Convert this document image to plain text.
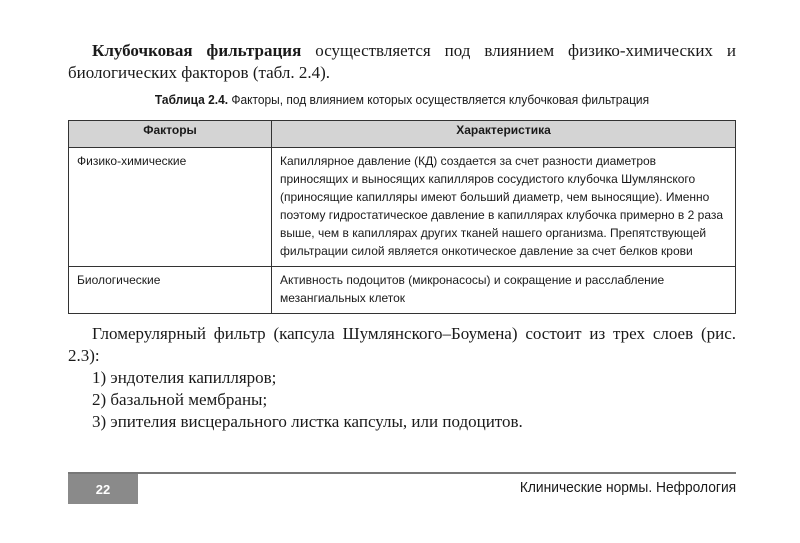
Клубочковая фильтрация осуществляется под влиянием физико-химических и биологических факторов (табл. 2.4).
Таблица 2.4. Факторы, под влиянием которых осуществляется клубочковая фильтрация
Факторы	Характеристика
Физико-химические	Капиллярное давление (КД) создается за счет разности диаметров приносящих и выносящих капилляров сосудистого клубочка Шумлянского (приносящие капилляры имеют больший диаметр, чем выносящие). Именно поэтому гидростатическое давление в капиллярах клубочка примерно в 2 раза выше, чем в капиллярах других тканей нашего организма. Препятствующей фильтрации силой является онкотическое давление за счет белков крови
Биологические	Активность подоцитов (микронасосы) и сокращение и расслабление мезангиальных клеток
Гломерулярный фильтр (капсула Шумлянского–Боумена) состоит из трех слоев (рис. 2.3):
1) эндотелия капилляров;
2) базальной мембраны;
3) эпителия висцерального листка капсулы, или подоцитов.
22	Клинические нормы. Нефрология
